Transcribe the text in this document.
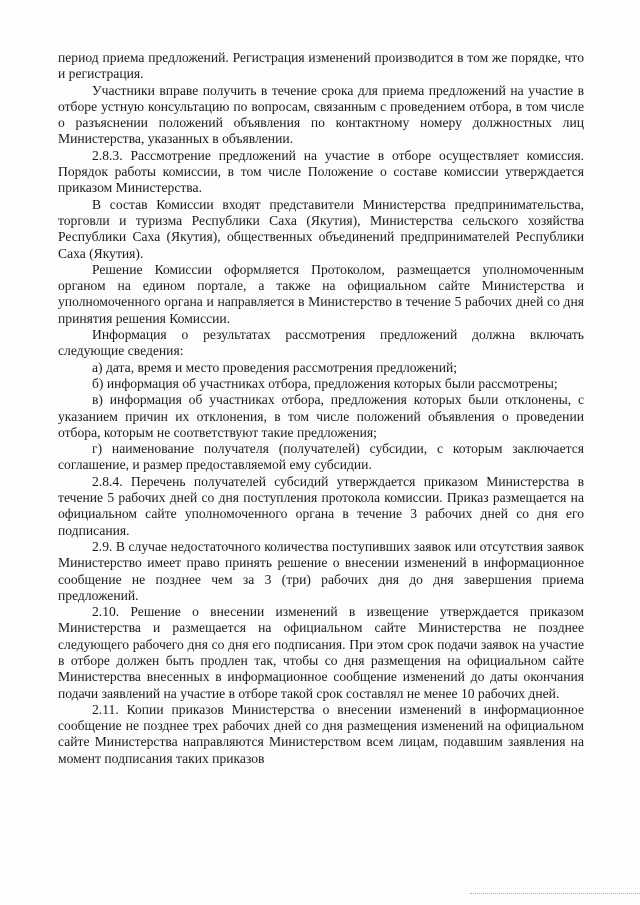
период приема предложений. Регистрация изменений производится в том же порядке, что и регистрация.

Участники вправе получить в течение срока для приема предложений на участие в отборе устную консультацию по вопросам, связанным с проведением отбора, в том числе о разъяснении положений объявления по контактному номеру должностных лиц Министерства, указанных в объявлении.

2.8.3. Рассмотрение предложений на участие в отборе осуществляет комиссия. Порядок работы комиссии, в том числе Положение о составе комиссии утверждается приказом Министерства.

В состав Комиссии входят представители Министерства предпринимательства, торговли и туризма Республики Саха (Якутия), Министерства сельского хозяйства Республики Саха (Якутия), общественных объединений предпринимателей Республики Саха (Якутия).

Решение Комиссии оформляется Протоколом, размещается уполномоченным органом на едином портале, а также на официальном сайте Министерства и уполномоченного органа и направляется в Министерство в течение 5 рабочих дней со дня принятия решения Комиссии.

Информация о результатах рассмотрения предложений должна включать следующие сведения:

а) дата, время и место проведения рассмотрения предложений;

б) информация об участниках отбора, предложения которых были рассмотрены;

в) информация об участниках отбора, предложения которых были отклонены, с указанием причин их отклонения, в том числе положений объявления о проведении отбора, которым не соответствуют такие предложения;

г) наименование получателя (получателей) субсидии, с которым заключается соглашение, и размер предоставляемой ему субсидии.

2.8.4. Перечень получателей субсидий утверждается приказом Министерства в течение 5 рабочих дней со дня поступления протокола комиссии. Приказ размещается на официальном сайте уполномоченного органа в течение 3 рабочих дней со дня его подписания.

2.9. В случае недостаточного количества поступивших заявок или отсутствия заявок Министерство имеет право принять решение о внесении изменений в информационное сообщение не позднее чем за 3 (три) рабочих дня до дня завершения приема предложений.

2.10. Решение о внесении изменений в извещение утверждается приказом Министерства и размещается на официальном сайте Министерства не позднее следующего рабочего дня со дня его подписания. При этом срок подачи заявок на участие в отборе должен быть продлен так, чтобы со дня размещения на официальном сайте Министерства внесенных в информационное сообщение изменений до даты окончания подачи заявлений на участие в отборе такой срок составлял не менее 10 рабочих дней.

2.11. Копии приказов Министерства о внесении изменений в информационное сообщение не позднее трех рабочих дней со дня размещения изменений на официальном сайте Министерства направляются Министерством всем лицам, подавшим заявления на момент подписания таких приказов
